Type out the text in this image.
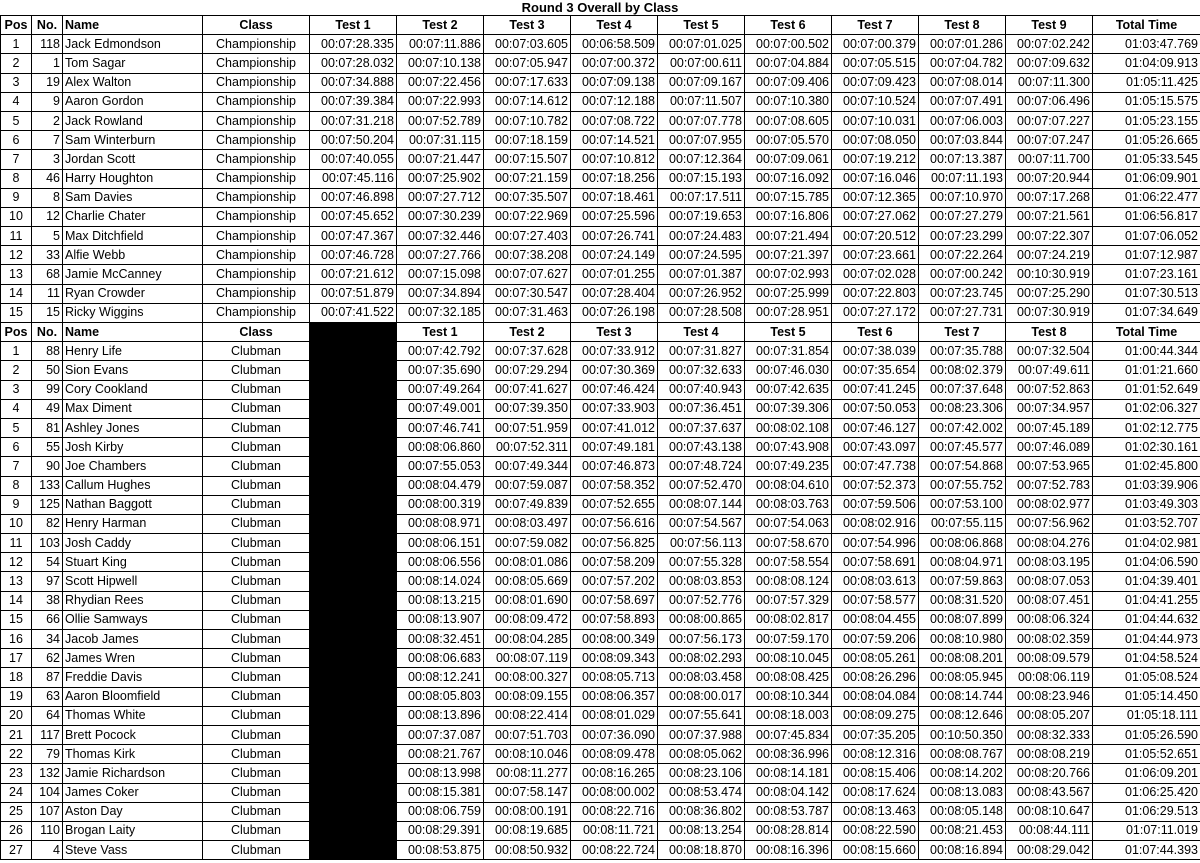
Round 3 Overall by Class
Pos	No.	Name	Class	Test 1	Test 2	Test 3	Test 4	Test 5	Test 6	Test 7	Test 8	Test 9	Total Time
1	118	Jack Edmondson	Championship	00:07:28.335	00:07:11.886	00:07:03.605	00:06:58.509	00:07:01.025	00:07:00.502	00:07:00.379	00:07:01.286	00:07:02.242	01:03:47.769
2	1	Tom Sagar	Championship	00:07:28.032	00:07:10.138	00:07:05.947	00:07:00.372	00:07:00.611	00:07:04.884	00:07:05.515	00:07:04.782	00:07:09.632	01:04:09.913
3	19	Alex Walton	Championship	00:07:34.888	00:07:22.456	00:07:17.633	00:07:09.138	00:07:09.167	00:07:09.406	00:07:09.423	00:07:08.014	00:07:11.300	01:05:11.425
4	9	Aaron Gordon	Championship	00:07:39.384	00:07:22.993	00:07:14.612	00:07:12.188	00:07:11.507	00:07:10.380	00:07:10.524	00:07:07.491	00:07:06.496	01:05:15.575
5	2	Jack Rowland	Championship	00:07:31.218	00:07:52.789	00:07:10.782	00:07:08.722	00:07:07.778	00:07:08.605	00:07:10.031	00:07:06.003	00:07:07.227	01:05:23.155
6	7	Sam Winterburn	Championship	00:07:50.204	00:07:31.115	00:07:18.159	00:07:14.521	00:07:07.955	00:07:05.570	00:07:08.050	00:07:03.844	00:07:07.247	01:05:26.665
7	3	Jordan Scott	Championship	00:07:40.055	00:07:21.447	00:07:15.507	00:07:10.812	00:07:12.364	00:07:09.061	00:07:19.212	00:07:13.387	00:07:11.700	01:05:33.545
8	46	Harry Houghton	Championship	00:07:45.116	00:07:25.902	00:07:21.159	00:07:18.256	00:07:15.193	00:07:16.092	00:07:16.046	00:07:11.193	00:07:20.944	01:06:09.901
9	8	Sam Davies	Championship	00:07:46.898	00:07:27.712	00:07:35.507	00:07:18.461	00:07:17.511	00:07:15.785	00:07:12.365	00:07:10.970	00:07:17.268	01:06:22.477
10	12	Charlie Chater	Championship	00:07:45.652	00:07:30.239	00:07:22.969	00:07:25.596	00:07:19.653	00:07:16.806	00:07:27.062	00:07:27.279	00:07:21.561	01:06:56.817
11	5	Max Ditchfield	Championship	00:07:47.367	00:07:32.446	00:07:27.403	00:07:26.741	00:07:24.483	00:07:21.494	00:07:20.512	00:07:23.299	00:07:22.307	01:07:06.052
12	33	Alfie Webb	Championship	00:07:46.728	00:07:27.766	00:07:38.208	00:07:24.149	00:07:24.595	00:07:21.397	00:07:23.661	00:07:22.264	00:07:24.219	01:07:12.987
13	68	Jamie McCanney	Championship	00:07:21.612	00:07:15.098	00:07:07.627	00:07:01.255	00:07:01.387	00:07:02.993	00:07:02.028	00:07:00.242	00:10:30.919	01:07:23.161
14	11	Ryan Crowder	Championship	00:07:51.879	00:07:34.894	00:07:30.547	00:07:28.404	00:07:26.952	00:07:25.999	00:07:22.803	00:07:23.745	00:07:25.290	01:07:30.513
15	15	Ricky Wiggins	Championship	00:07:41.522	00:07:32.185	00:07:31.463	00:07:26.198	00:07:28.508	00:07:28.951	00:07:27.172	00:07:27.731	00:07:30.919	01:07:34.649
Pos	No.	Name	Class		Test 1	Test 2	Test 3	Test 4	Test 5	Test 6	Test 7	Test 8	Total Time
1	88	Henry Life	Clubman		00:07:42.792	00:07:37.628	00:07:33.912	00:07:31.827	00:07:31.854	00:07:38.039	00:07:35.788	00:07:32.504	01:00:44.344
2	50	Sion Evans	Clubman		00:07:35.690	00:07:29.294	00:07:30.369	00:07:32.633	00:07:46.030	00:07:35.654	00:08:02.379	00:07:49.611	01:01:21.660
3	99	Cory Cookland	Clubman		00:07:49.264	00:07:41.627	00:07:46.424	00:07:40.943	00:07:42.635	00:07:41.245	00:07:37.648	00:07:52.863	01:01:52.649
4	49	Max Diment	Clubman		00:07:49.001	00:07:39.350	00:07:33.903	00:07:36.451	00:07:39.306	00:07:50.053	00:08:23.306	00:07:34.957	01:02:06.327
5	81	Ashley Jones	Clubman		00:07:46.741	00:07:51.959	00:07:41.012	00:07:37.637	00:08:02.108	00:07:46.127	00:07:42.002	00:07:45.189	01:02:12.775
6	55	Josh Kirby	Clubman		00:08:06.860	00:07:52.311	00:07:49.181	00:07:43.138	00:07:43.908	00:07:43.097	00:07:45.577	00:07:46.089	01:02:30.161
7	90	Joe Chambers	Clubman		00:07:55.053	00:07:49.344	00:07:46.873	00:07:48.724	00:07:49.235	00:07:47.738	00:07:54.868	00:07:53.965	01:02:45.800
8	133	Callum Hughes	Clubman		00:08:04.479	00:07:59.087	00:07:58.352	00:07:52.470	00:08:04.610	00:07:52.373	00:07:55.752	00:07:52.783	01:03:39.906
9	125	Nathan Baggott	Clubman		00:08:00.319	00:07:49.839	00:07:52.655	00:08:07.144	00:08:03.763	00:07:59.506	00:07:53.100	00:08:02.977	01:03:49.303
10	82	Henry Harman	Clubman		00:08:08.971	00:08:03.497	00:07:56.616	00:07:54.567	00:07:54.063	00:08:02.916	00:07:55.115	00:07:56.962	01:03:52.707
11	103	Josh Caddy	Clubman		00:08:06.151	00:07:59.082	00:07:56.825	00:07:56.113	00:07:58.670	00:07:54.996	00:08:06.868	00:08:04.276	01:04:02.981
12	54	Stuart King	Clubman		00:08:06.556	00:08:01.086	00:07:58.209	00:07:55.328	00:07:58.554	00:07:58.691	00:08:04.971	00:08:03.195	01:04:06.590
13	97	Scott Hipwell	Clubman		00:08:14.024	00:08:05.669	00:07:57.202	00:08:03.853	00:08:08.124	00:08:03.613	00:07:59.863	00:08:07.053	01:04:39.401
14	38	Rhydian Rees	Clubman		00:08:13.215	00:08:01.690	00:07:58.697	00:07:52.776	00:07:57.329	00:07:58.577	00:08:31.520	00:08:07.451	01:04:41.255
15	66	Ollie Samways	Clubman		00:08:13.907	00:08:09.472	00:07:58.893	00:08:00.865	00:08:02.817	00:08:04.455	00:08:07.899	00:08:06.324	01:04:44.632
16	34	Jacob James	Clubman		00:08:32.451	00:08:04.285	00:08:00.349	00:07:56.173	00:07:59.170	00:07:59.206	00:08:10.980	00:08:02.359	01:04:44.973
17	62	James Wren	Clubman		00:08:06.683	00:08:07.119	00:08:09.343	00:08:02.293	00:08:10.045	00:08:05.261	00:08:08.201	00:08:09.579	01:04:58.524
18	87	Freddie Davis	Clubman		00:08:12.241	00:08:00.327	00:08:05.713	00:08:03.458	00:08:08.425	00:08:26.296	00:08:05.945	00:08:06.119	01:05:08.524
19	63	Aaron Bloomfield	Clubman		00:08:05.803	00:08:09.155	00:08:06.357	00:08:00.017	00:08:10.344	00:08:04.084	00:08:14.744	00:08:23.946	01:05:14.450
20	64	Thomas White	Clubman		00:08:13.896	00:08:22.414	00:08:01.029	00:07:55.641	00:08:18.003	00:08:09.275	00:08:12.646	00:08:05.207	01:05:18.111
21	117	Brett Pocock	Clubman		00:07:37.087	00:07:51.703	00:07:36.090	00:07:37.988	00:07:45.834	00:07:35.205	00:10:50.350	00:08:32.333	01:05:26.590
22	79	Thomas Kirk	Clubman		00:08:21.767	00:08:10.046	00:08:09.478	00:08:05.062	00:08:36.996	00:08:12.316	00:08:08.767	00:08:08.219	01:05:52.651
23	132	Jamie Richardson	Clubman		00:08:13.998	00:08:11.277	00:08:16.265	00:08:23.106	00:08:14.181	00:08:15.406	00:08:14.202	00:08:20.766	01:06:09.201
24	104	James Coker	Clubman		00:08:15.381	00:07:58.147	00:08:00.002	00:08:53.474	00:08:04.142	00:08:17.624	00:08:13.083	00:08:43.567	01:06:25.420
25	107	Aston Day	Clubman		00:08:06.759	00:08:00.191	00:08:22.716	00:08:36.802	00:08:53.787	00:08:13.463	00:08:05.148	00:08:10.647	01:06:29.513
26	110	Brogan Laity	Clubman		00:08:29.391	00:08:19.685	00:08:11.721	00:08:13.254	00:08:28.814	00:08:22.590	00:08:21.453	00:08:44.111	01:07:11.019
27	4	Steve Vass	Clubman		00:08:53.875	00:08:50.932	00:08:22.724	00:08:18.870	00:08:16.396	00:08:15.660	00:08:16.894	00:08:29.042	01:07:44.393
